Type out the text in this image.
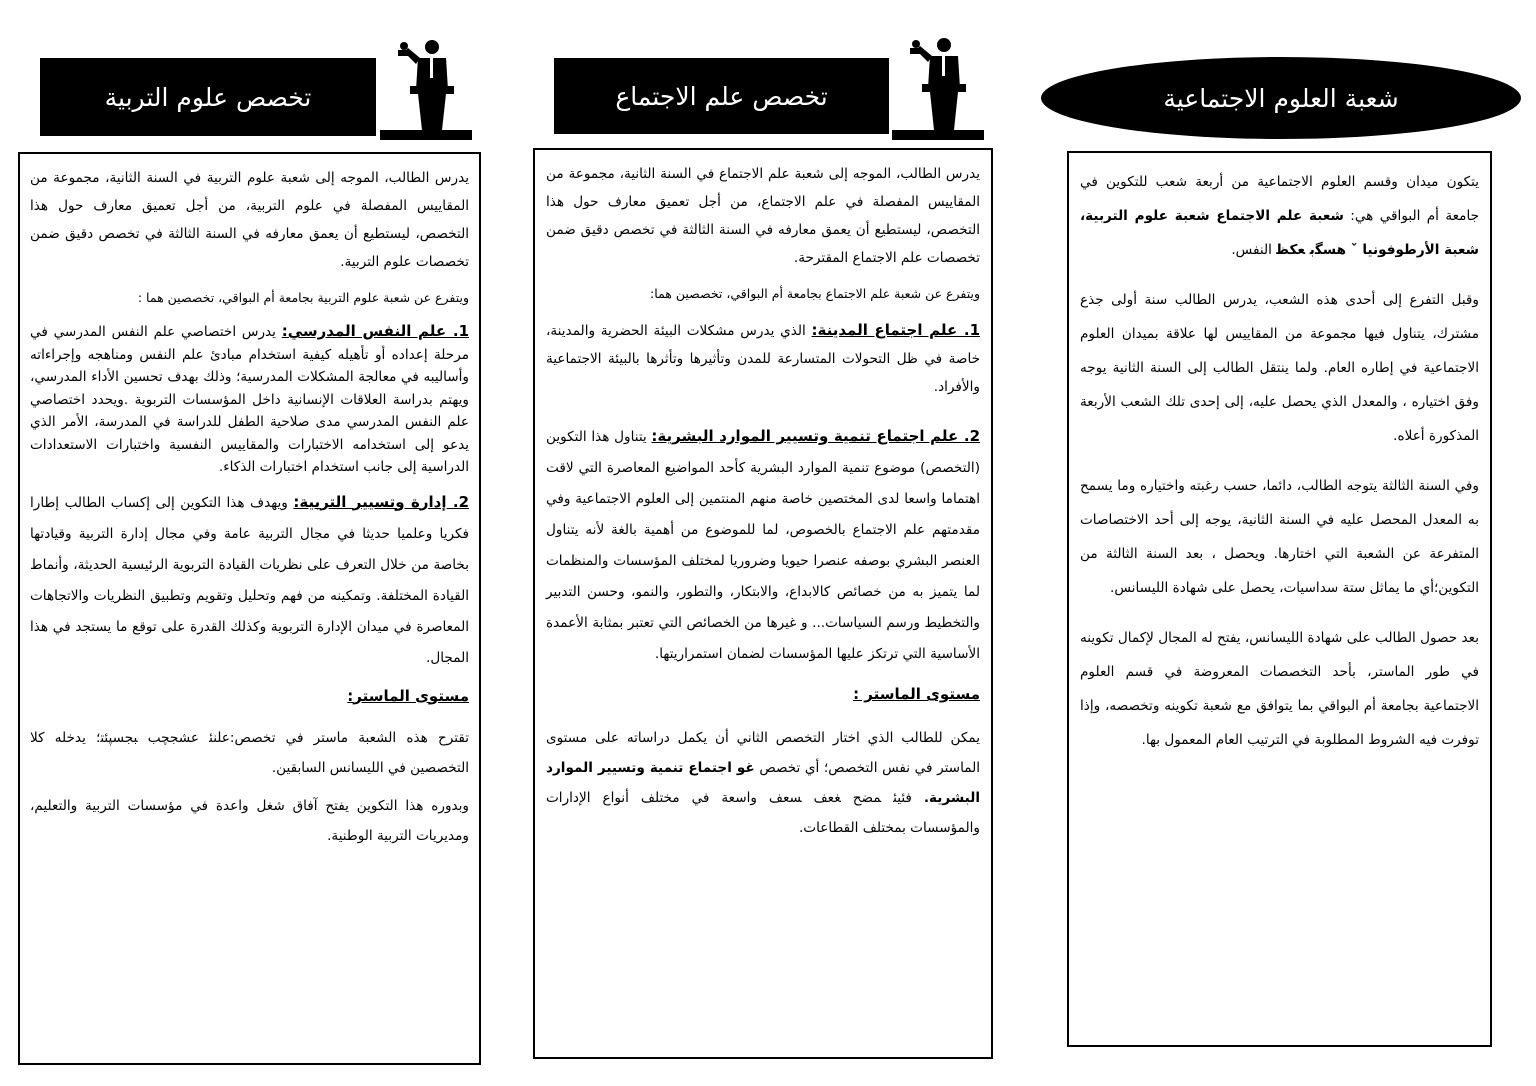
تخصص علوم التربية	تخصص علم الاجتماع	شعبة العلوم الاجتماعية

يتكون ميدان وقسم العلوم الاجتماعية من أربعة شعب للتكوين في جامعة أم البواقي هي: شعبة علم الاجتماع شعبة علوم التربية، شعبة الأرطوفونيا ˇ ﮬﺴﮕﺑ ﻌﮑﻈ النفس.

وقبل التفرع إلى أحدى هذه الشعب، يدرس الطالب سنة أولى جذع مشترك، يتناول فيها مجموعة من المقاييس لها علاقة بميدان العلوم الاجتماعية في إطاره العام. ولما ينتقل الطالب إلى السنة الثانية يوجه وفق اختياره ، والمعدل الذي يحصل عليه، إلى إحدى تلك الشعب الأربعة المذكورة أعلاه.

وفي السنة الثالثة يتوجه الطالب، دائما، حسب رغبته واختياره وما يسمح به المعدل المحصل عليه في السنة الثانية، يوجه إلى أحد الاختصاصات المتفرعة عن الشعبة التي اختارها. ويحصل ، بعد السنة الثالثة من التكوين؛أي ما يماثل ستة سداسيات، يحصل على شهادة الليسانس.

بعد حصول الطالب على شهادة الليسانس، يفتح له المجال لإكمال تكوينه في طور الماستر، بأحد التخصصات المعروضة في قسم العلوم الاجتماعية بجامعة أم البواقي بما يتوافق مع شعبة تكوينه وتخصصه، وإذا توفرت فيه الشروط المطلوبة في الترتيب العام المعمول بها.

يدرس الطالب، الموجه إلى شعبة علم الاجتماع في السنة الثانية، مجموعة من المقاييس المفصلة في علم الاجتماع، من أجل تعميق معارف حول هذا التخصص، ليستطيع أن يعمق معارفه في السنة الثالثة في تخصص دقيق ضمن تخصصات علم الاجتماع المقترحة.

ويتفرع عن شعبة علم الاجتماع بجامعة أم البواقي، تخصصين هما:

1. علم اجتماع المدينة: الذي يدرس مشكلات البيئة الحضرية والمدينة، خاصة في ظل التحولات المتسارعة للمدن وتأثيرها وتأثرها بالبيئة الاجتماعية والأفراد.

2. علم اجتماع تنمية وتسيير الموارد البشرية: يتناول هذا التكوين (التخصص) موضوع تنمية الموارد البشرية كأحد المواضيع المعاصرة التي لاقت اهتماما واسعا لدى المختصين خاصة منهم المنتمين إلى العلوم الاجتماعية وفي مقدمتهم علم الاجتماع بالخصوص، لما للموضوع من أهمية بالغة لأنه يتناول العنصر البشري بوصفه عنصرا حيويا وضروريا لمختلف المؤسسات والمنظمات لما يتميز به من خصائص كالابداع، والابتكار، والتطور، والنمو، وحسن التدبير والتخطيط ورسم السياسات... و غيرها من الخصائص التي تعتبر بمثابة الأعمدة الأساسية التي ترتكز عليها المؤسسات لضمان استمراريتها.

مستوى الماستر :

يمكن للطالب الذي اختار التخصص الثاني أن يكمل دراساته على مستوى الماستر في نفس التخصص؛ أي تخصص ﻏﻮ اجتماع تنمية وتسيير الموارد البشرية. ﻓﺌﯿﺌ ﻤﻀﺢ ﻐﻌﻒ ﺴﻌﻒ واسعة في مختلف أنواع الإدارات والمؤسسات بمختلف القطاعات.

يدرس الطالب، الموجه إلى شعبة علوم التربية في السنة الثانية، مجموعة من المقاييس المفصلة في علوم التربية، من أجل تعميق معارف حول هذا التخصص، ليستطيع أن يعمق معارفه في السنة الثالثة في تخصص دقيق ضمن تخصصات علوم التربية.

ويتفرع عن شعبة علوم التربية بجامعة أم البواقي، تخصصين هما :

1. علم النفس المدرسي: يدرس اختصاصي علم النفس المدرسي في مرحلة إعداده أو تأهيله كيفية استخدام مبادئ علم النفس ومناهجه وإجراءاته وأساليبه في معالجة المشكلات المدرسية؛ وذلك بهدف تحسين الأداء المدرسي، ويهتم بدراسة العلاقات الإنسانية داخل المؤسسات التربوية .ويحدد اختصاصي علم النفس المدرسي مدى صلاحية الطفل للدراسة في المدرسة، الأمر الذي يدعو إلى استخدامه الاختبارات والمقاييس النفسية واختبارات الاستعدادات الدراسية إلى جانب استخدام اختبارات الذكاء.

2. إدارة وتسيير التربية: ويهدف هذا التكوين إلى إكساب الطالب إطارا فكريا وعلميا حديثا في مجال التربية عامة وفي مجال إدارة التربية وقيادتها بخاصة من خلال التعرف على نظريات القيادة التربوية الرئيسية الحديثة، وأنماط القيادة المختلفة. وتمكينه من فهم وتحليل وتقويم وتطبيق النظريات والاتجاهات المعاصرة في ميدان الإدارة التربوية وكذلك القدرة على توقع ما يستجد في هذا المجال.

مستوى الماستر:

تقترح هذه الشعبة ماستر في تخصص:ﻋﻠﻨﺌ ﻋﺸﺠﭽﺐ ﺒﺠﺴﭙﺌﺘ؛ يدخله كلا التخصصين في الليسانس السابقين.

وبدوره هذا التكوين يفتح آفاق شغل واعدة في مؤسسات التربية والتعليم، ومديريات التربية الوطنية.
